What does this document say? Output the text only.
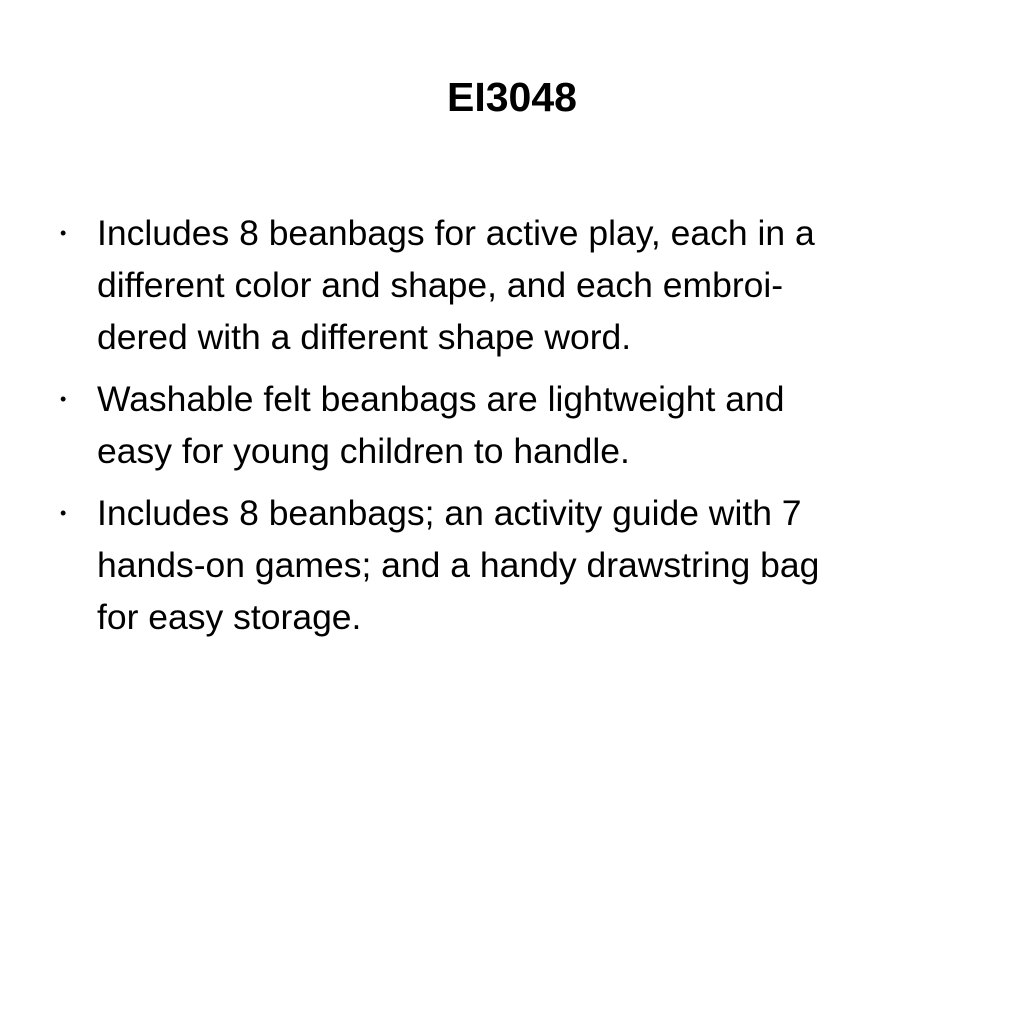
EI3048
• Includes 8 beanbags for active play, each in a
different color and shape, and each embroi-
dered with a different shape word.
• Washable felt beanbags are lightweight and
easy for young children to handle.
• Includes 8 beanbags; an activity guide with 7
hands-on games; and a handy drawstring bag
for easy storage.
